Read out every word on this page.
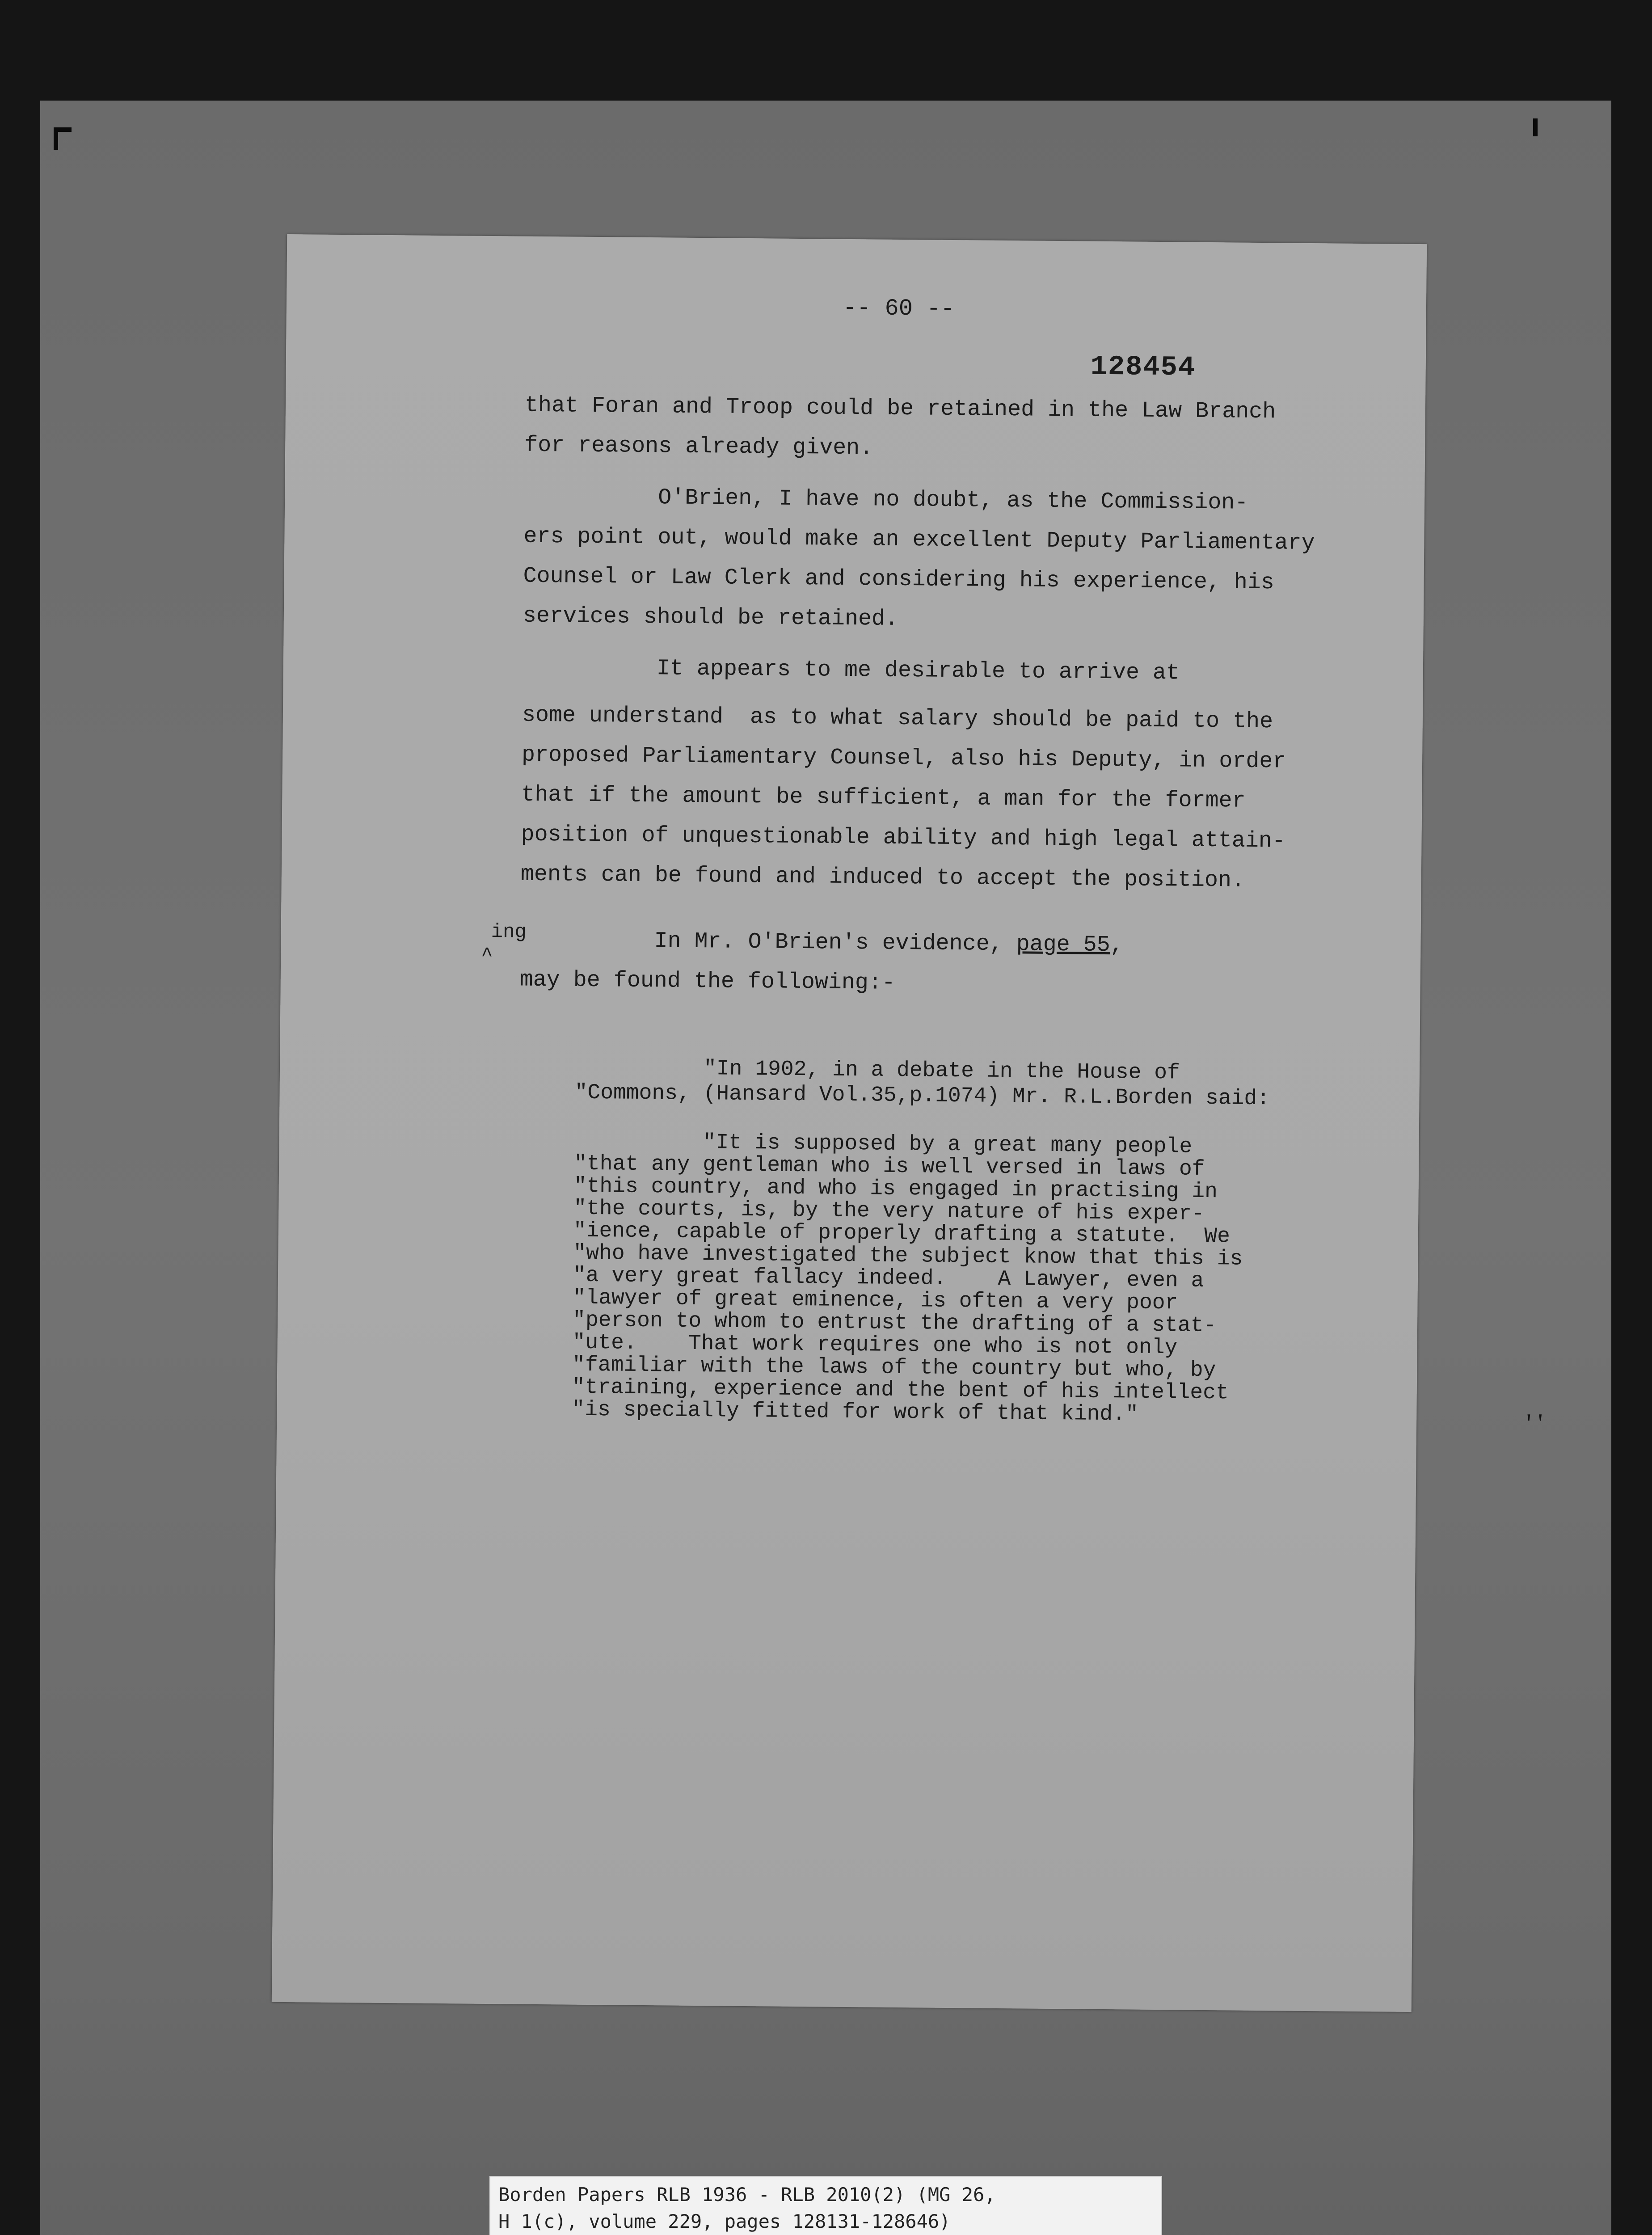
' '
-- 60 --
128454
that Foran and Troop could be retained in the Law Branch
for reasons already given.
O'Brien, I have no doubt, as the Commission-
ers point out, would make an excellent Deputy Parliamentary
Counsel or Law Clerk and considering his experience, his
services should be retained.
It appears to me desirable to arrive at
some understand  as to what salary should be paid to the
proposed Parliamentary Counsel, also his Deputy, in order
that if the amount be sufficient, a man for the former
position of unquestionable ability and high legal attain-
ments can be found and induced to accept the position.
In Mr. O'Brien's evidence, page 55,
may be found the following:-
ing
^
"In 1902, in a debate in the House of
"Commons, (Hansard Vol.35,p.1074) Mr. R.L.Borden said:
"It is supposed by a great many people
"that any gentleman who is well versed in laws of
"this country, and who is engaged in practising in
"the courts, is, by the very nature of his exper-
"ience, capable of properly drafting a statute.  We
"who have investigated the subject know that this is
"a very great fallacy indeed.    A Lawyer, even a
"lawyer of great eminence, is often a very poor
"person to whom to entrust the drafting of a stat-
"ute.    That work requires one who is not only
"familiar with the laws of the country but who, by
"training, experience and the bent of his intellect
"is specially fitted for work of that kind."
Borden Papers RLB 1936 - RLB 2010(2) (MG 26,
H 1(c), volume 229, pages 128131-128646)
